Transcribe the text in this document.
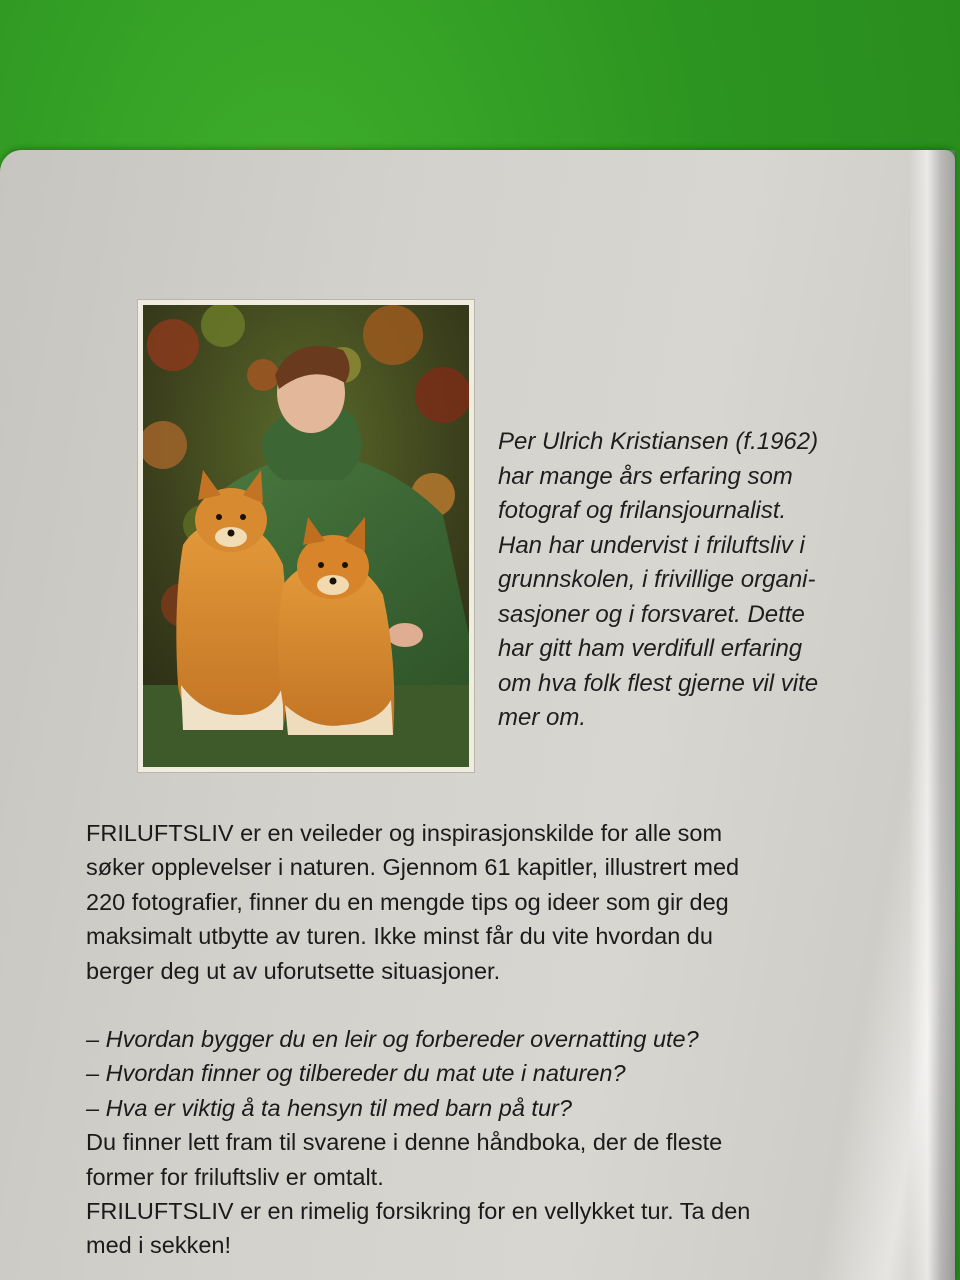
Per Ulrich Kristiansen (f.1962)

har mange års erfaring som

fotograf og frilansjournalist.

Han har undervist i friluftsliv i

grunnskolen, i frivillige organi-

sasjoner og i forsvaret. Dette

har gitt ham verdifull erfaring

om hva folk flest gjerne vil vite

mer om.

FRILUFTSLIV er en veileder og inspirasjonskilde for alle som

søker opplevelser i naturen. Gjennom 61 kapitler, illustrert med

220 fotografier, finner du en mengde tips og ideer som gir deg

maksimalt utbytte av turen. Ikke minst får du vite hvordan du

berger deg ut av uforutsette situasjoner.

– Hvordan bygger du en leir og forbereder overnatting ute?

– Hvordan finner og tilbereder du mat ute i naturen?

– Hva er viktig å ta hensyn til med barn på tur?

Du finner lett fram til svarene i denne håndboka, der de fleste

former for friluftsliv er omtalt.

FRILUFTSLIV er en rimelig forsikring for en vellykket tur. Ta den

med i sekken!
